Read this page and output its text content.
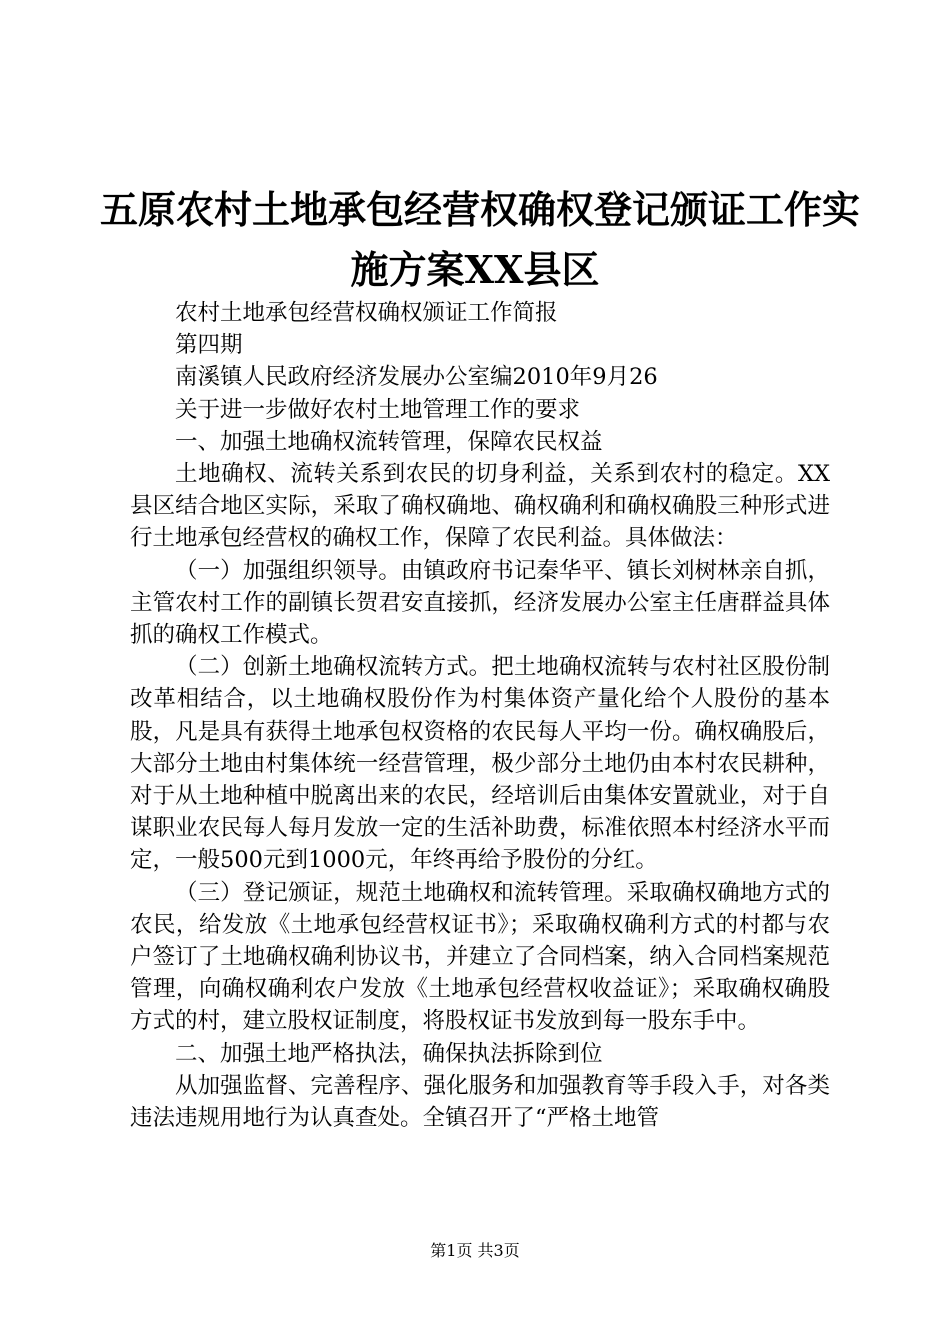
五原农村土地承包经营权确权登记颁证工作实
施方案XX县区

农村土地承包经营权确权颁证工作简报

第四期

南溪镇人民政府经济发展办公室编2010年9月26

关于进一步做好农村土地管理工作的要求

一、加强土地确权流转管理，保障农民权益

土地确权、流转关系到农民的切身利益，关系到农村的稳定。XX县区结合地区实际，采取了确权确地、确权确利和确权确股三种形式进行土地承包经营权的确权工作，保障了农民利益。具体做法：

（一）加强组织领导。由镇政府书记秦华平、镇长刘树林亲自抓，主管农村工作的副镇长贺君安直接抓，经济发展办公室主任唐群益具体抓的确权工作模式。

（二）创新土地确权流转方式。把土地确权流转与农村社区股份制改革相结合，以土地确权股份作为村集体资产量化给个人股份的基本股，凡是具有获得土地承包权资格的农民每人平均一份。确权确股后，大部分土地由村集体统一经营管理，极少部分土地仍由本村农民耕种，对于从土地种植中脱离出来的农民，经培训后由集体安置就业，对于自谋职业农民每人每月发放一定的生活补助费，标准依照本村经济水平而定，一般500元到1000元，年终再给予股份的分红。

（三）登记颁证，规范土地确权和流转管理。采取确权确地方式的农民，给发放《土地承包经营权证书》；采取确权确利方式的村都与农户签订了土地确权确利协议书，并建立了合同档案，纳入合同档案规范管理，向确权确利农户发放《土地承包经营权收益证》；采取确权确股方式的村，建立股权证制度，将股权证书发放到每一股东手中。

二、加强土地严格执法，确保执法拆除到位

从加强监督、完善程序、强化服务和加强教育等手段入手，对各类违法违规用地行为认真查处。全镇召开了“严格土地管

第1页 共3页
